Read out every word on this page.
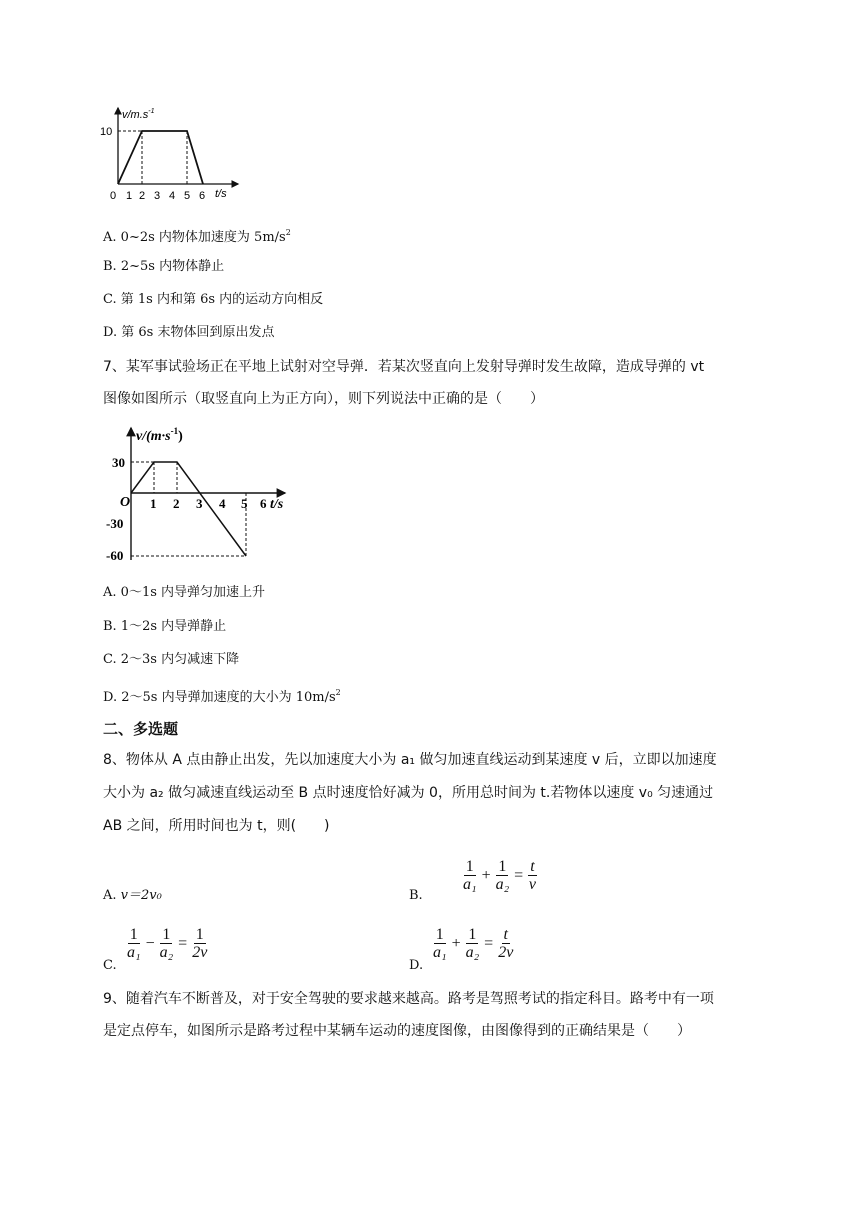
$v/m.s^{-1}$
10
0 1 2 3 4 5 6 t/s
A. 0~2s 内物体加速度为 $5m/s^2$
B. 2~5s 内物体静止
C. 第 1s 内和第 6s 内的运动方向相反
D. 第 6s 末物体回到原出发点
7、某军事试验场正在平地上试射对空导弹．若某次竖直向上发射导弹时发生故障，造成导弹的 vt
图像如图所示（取竖直向上为正方向），则下列说法中正确的是（　　）
$v/(m\cdot s^{-1})$
30
O
-30
-60
1 2 3 4 5 6 t/s
A. 0～1s 内导弹匀加速上升
B. 1～2s 内导弹静止
C. 2～3s 内匀减速下降
D. 2～5s 内导弹加速度的大小为 $10m/s^2$
二、多选题
8、物体从 A 点由静止出发，先以加速度大小为 a₁ 做匀加速直线运动到某速度 v 后，立即以加速度
大小为 a₂ 做匀减速直线运动至 B 点时速度恰好减为 0，所用总时间为 t.若物体以速度 v₀ 匀速通过
AB 之间，所用时间也为 t，则(　　)
A. v＝2v₀	B.
1
a₁
+ $\frac{1}{\text{a₂}} = \frac{t}{v}$
C.
1
a₁
− $\frac{1}{\text{a₂}} = \frac{1}{2v}$
D.
1
a₁
+ $\frac{1}{\text{a₂}} = \frac{t}{2v}$
9、随着汽车不断普及，对于安全驾驶的要求越来越高。路考是驾照考试的指定科目。路考中有一项
是定点停车，如图所示是路考过程中某辆车运动的速度图像，由图像得到的正确结果是（　　）
